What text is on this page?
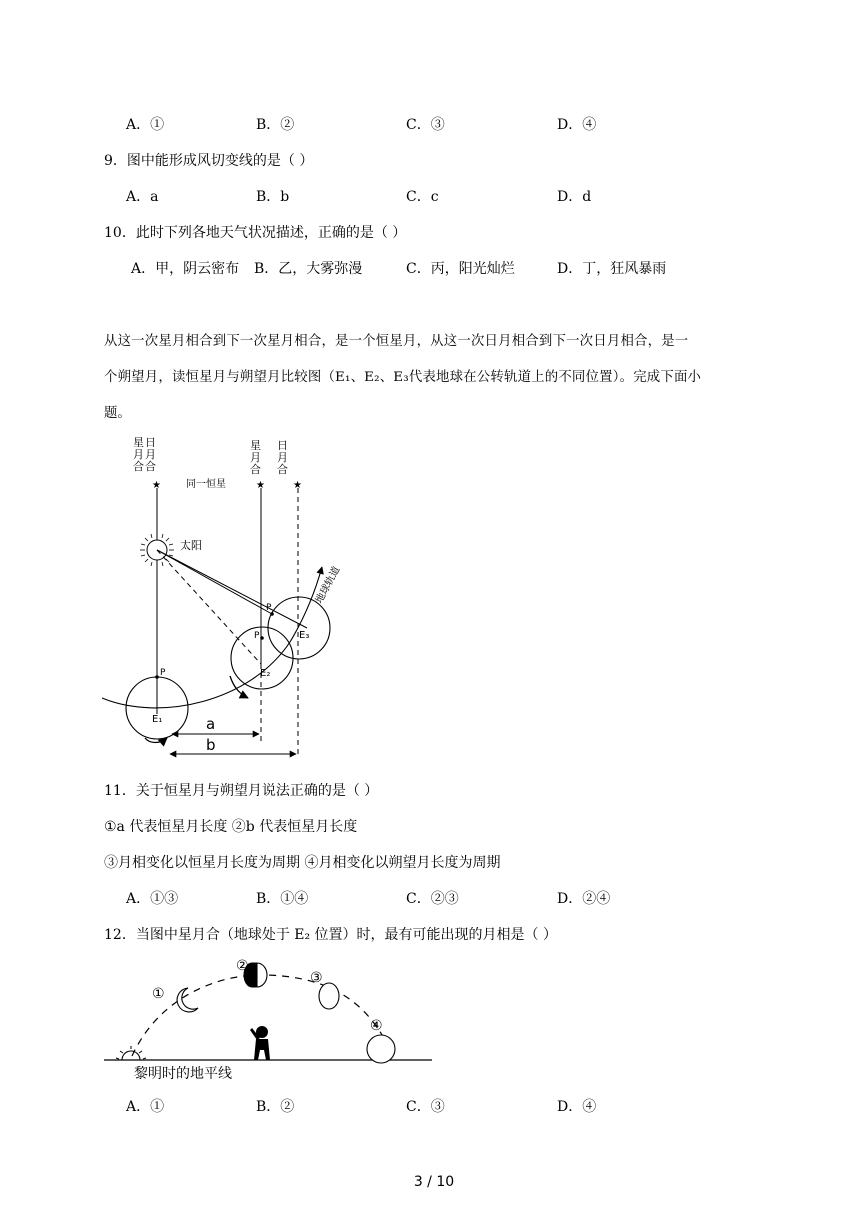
A．①	B．②	C．③	D．④
9．图中能形成风切变线的是（ ）
A．a	B．b	C．c	D．d
10．此时下列各地天气状况描述，正确的是（ ）
A．甲，阴云密布 B．乙，大雾弥漫	C．丙，阳光灿烂	D．丁，狂风暴雨
从这一次星月相合到下一次星月相合，是一个恒星月，从这一次日月相合到下一次日月相合，是一
个朔望月，读恒星月与朔望月比较图（E₁、E₂、E₃代表地球在公转轨道上的不同位置）。完成下面小
题。
星
月
合
日
月
合
星
月
合
日
月
合
★	★	★
同一恒星
太阳
地球轨道
P
P
P
E₁
E₂
E₃
a
b
11．关于恒星月与朔望月说法正确的是（ ）
①a 代表恒星月长度 ②b 代表恒星月长度
③月相变化以恒星月长度为周期 ④月相变化以朔望月长度为周期
A．①③	B．①④	C．②③	D．②④
12．当图中星月合（地球处于 E₂ 位置）时，最有可能出现的月相是（ ）
①
②
③
④
黎明时的地平线
A．①	B．②	C．③	D．④
3 / 10
